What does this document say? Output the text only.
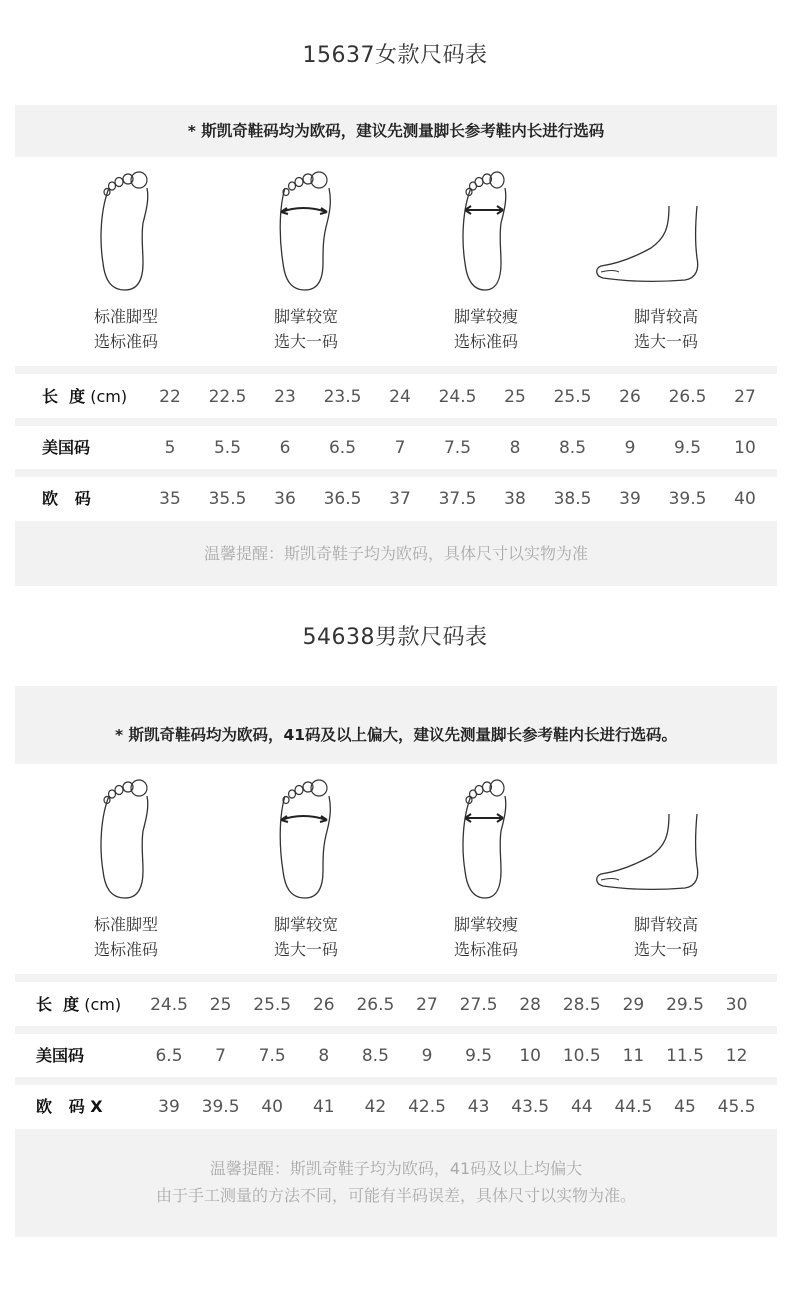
15637女款尺码表
* 斯凯奇鞋码均为欧码，建议先测量脚长参考鞋内长进行选码
标准脚型
选标准码
脚掌较宽
选大一码
脚掌较瘦
选标准码
脚背较高
选大一码
长  度 (cm)	22	22.5	23	23.5	24	24.5	25	25.5	26	26.5	27
美国码	5	5.5	6	6.5	7	7.5	8	8.5	9	9.5	10
欧   码	35	35.5	36	36.5	37	37.5	38	38.5	39	39.5	40
温馨提醒：斯凯奇鞋子均为欧码，具体尺寸以实物为准
54638男款尺码表
* 斯凯奇鞋码均为欧码，41码及以上偏大，建议先测量脚长参考鞋内长进行选码。
标准脚型
选标准码
脚掌较宽
选大一码
脚掌较瘦
选标准码
脚背较高
选大一码
长  度 (cm)	24.5	25	25.5	26	26.5	27	27.5	28	28.5	29	29.5	30
美国码	6.5	7	7.5	8	8.5	9	9.5	10	10.5	11	11.5	12
欧   码 X	39	39.5	40	41	42	42.5	43	43.5	44	44.5	45	45.5
温馨提醒：斯凯奇鞋子均为欧码，41码及以上均偏大
由于手工测量的方法不同，可能有半码误差，具体尺寸以实物为准。
